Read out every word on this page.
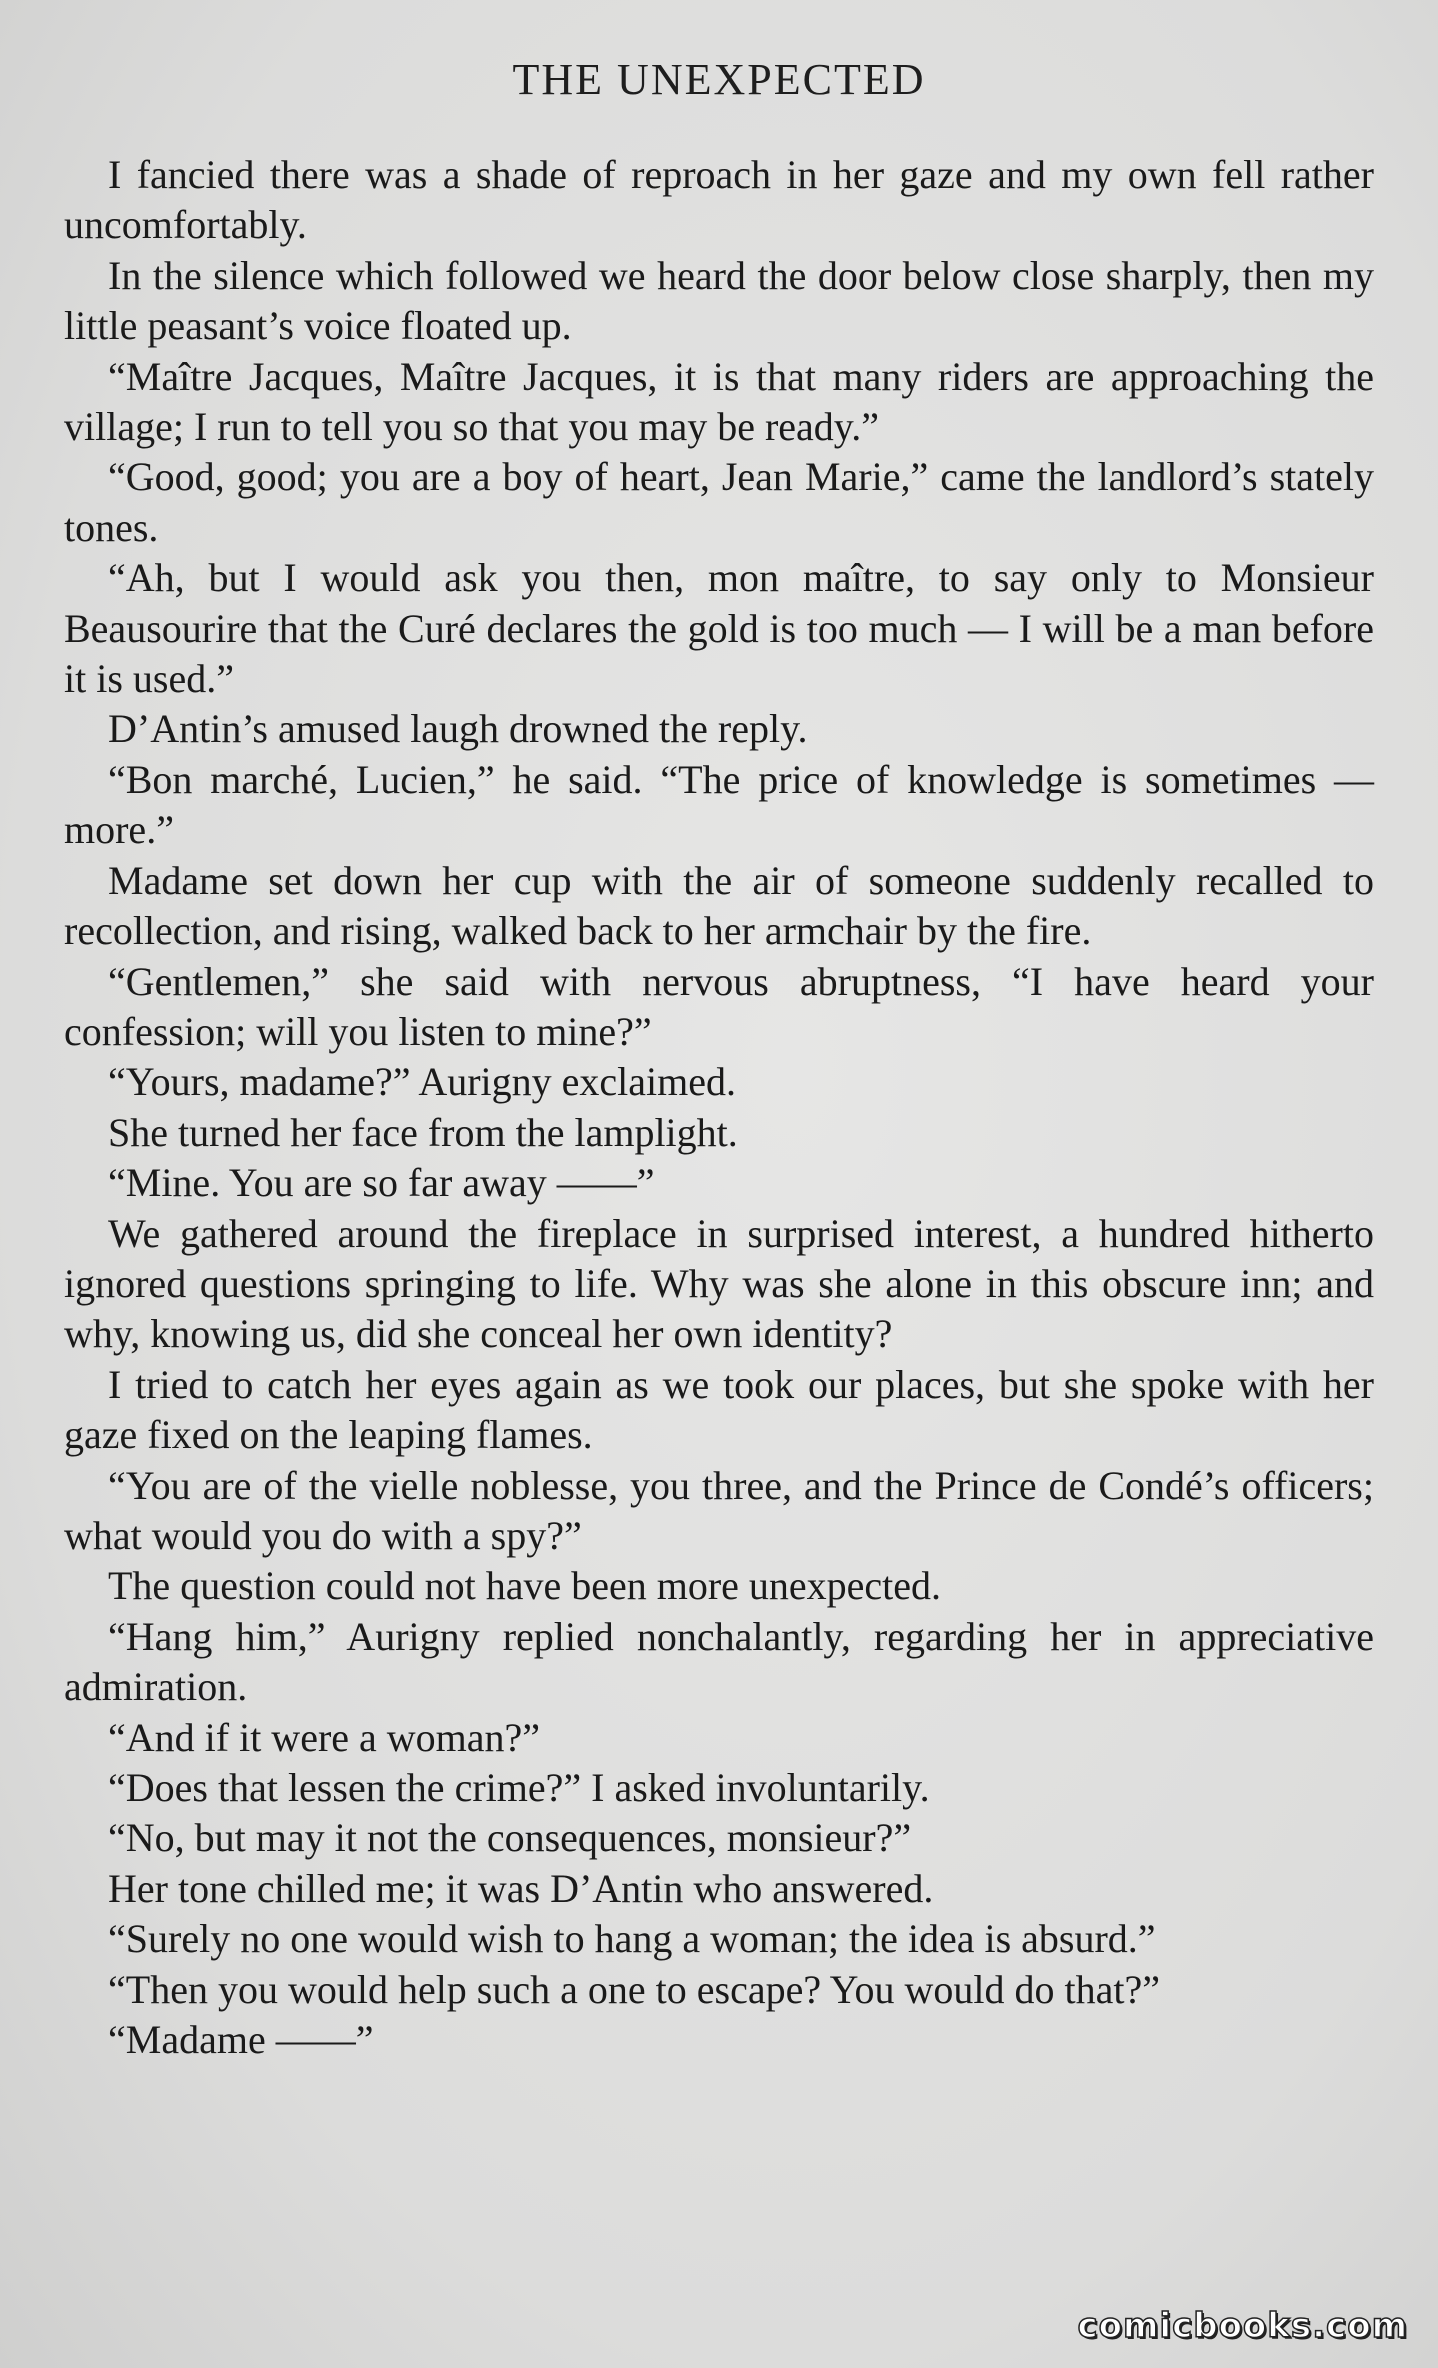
THE UNEXPECTED

I fancied there was a shade of reproach in her gaze and my own fell rather uncomfortably.

In the silence which followed we heard the door below close sharply, then my little peasant’s voice floated up.

“Maître Jacques, Maître Jacques, it is that many riders are approaching the village; I run to tell you so that you may be ready.”

“Good, good; you are a boy of heart, Jean Marie,” came the landlord’s stately tones.

“Ah, but I would ask you then, mon maître, to say only to Monsieur Beausourire that the Curé declares the gold is too much — I will be a man before it is used.”

D’Antin’s amused laugh drowned the reply.

“Bon marché, Lucien,” he said. “The price of knowledge is sometimes — more.”

Madame set down her cup with the air of someone suddenly recalled to recollection, and rising, walked back to her armchair by the fire.

“Gentlemen,” she said with nervous abruptness, “I have heard your confession; will you listen to mine?”

“Yours, madame?” Aurigny exclaimed.

She turned her face from the lamplight.

“Mine. You are so far away ——”

We gathered around the fireplace in surprised interest, a hundred hitherto ignored questions springing to life. Why was she alone in this obscure inn; and why, knowing us, did she conceal her own identity?

I tried to catch her eyes again as we took our places, but she spoke with her gaze fixed on the leaping flames.

“You are of the vielle noblesse, you three, and the Prince de Condé’s officers; what would you do with a spy?”

The question could not have been more unexpected.

“Hang him,” Aurigny replied nonchalantly, regarding her in appreciative admiration.

“And if it were a woman?”

“Does that lessen the crime?” I asked involuntarily.

“No, but may it not the consequences, monsieur?”

Her tone chilled me; it was D’Antin who answered.

“Surely no one would wish to hang a woman; the idea is absurd.”

“Then you would help such a one to escape? You would do that?”

“Madame ——”

comicbooks.com
